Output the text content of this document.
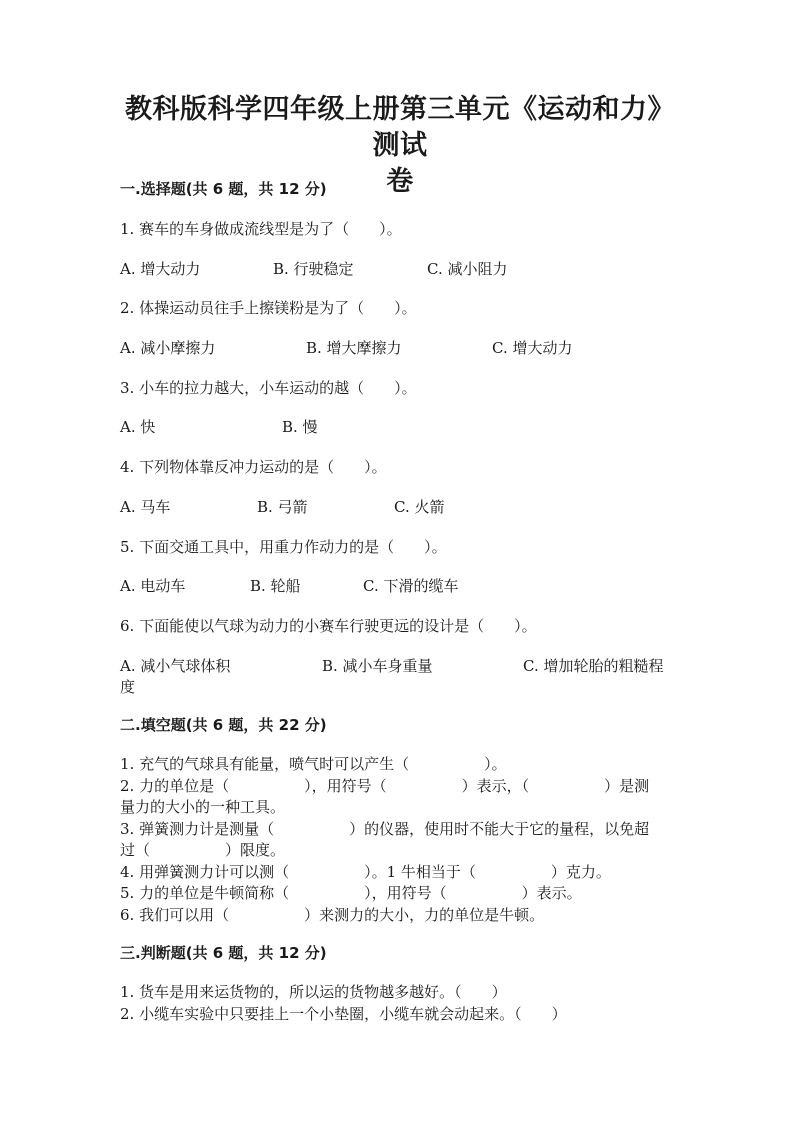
教科版科学四年级上册第三单元《运动和力》测试
卷
一.选择题(共 6 题，共 12 分)
1. 赛车的车身做成流线型是为了（　　）。
A. 增大动力	B. 行驶稳定	C. 减小阻力
2. 体操运动员往手上擦镁粉是为了（　　）。
A. 减小摩擦力	B. 增大摩擦力	C. 增大动力
3. 小车的拉力越大，小车运动的越（　　）。
A. 快	B. 慢
4. 下列物体靠反冲力运动的是（　　）。
A. 马车	B. 弓箭	C. 火箭
5. 下面交通工具中，用重力作动力的是（　　）。
A. 电动车	B. 轮船	C. 下滑的缆车
6. 下面能使以气球为动力的小赛车行驶更远的设计是（　　）。
A. 减小气球体积	B. 减小车身重量	C. 增加轮胎的粗糙程
度
二.填空题(共 6 题，共 22 分)
1. 充气的气球具有能量，喷气时可以产生（　　　　　）。
2. 力的单位是（　　　　　），用符号（　　　　　）表示，（　　　　　）是测
量力的大小的一种工具。
3. 弹簧测力计是测量（　　　　　）的仪器，使用时不能大于它的量程，以免超
过（　　　　　）限度。
4. 用弹簧测力计可以测（　　　　　）。1 牛相当于（　　　　　）克力。
5. 力的单位是牛顿简称（　　　　　），用符号（　　　　　）表示。
6. 我们可以用（　　　　　）来测力的大小，力的单位是牛顿。
三.判断题(共 6 题，共 12 分)
1. 货车是用来运货物的，所以运的货物越多越好。（　　）
2. 小缆车实验中只要挂上一个小垫圈，小缆车就会动起来。（　　）
